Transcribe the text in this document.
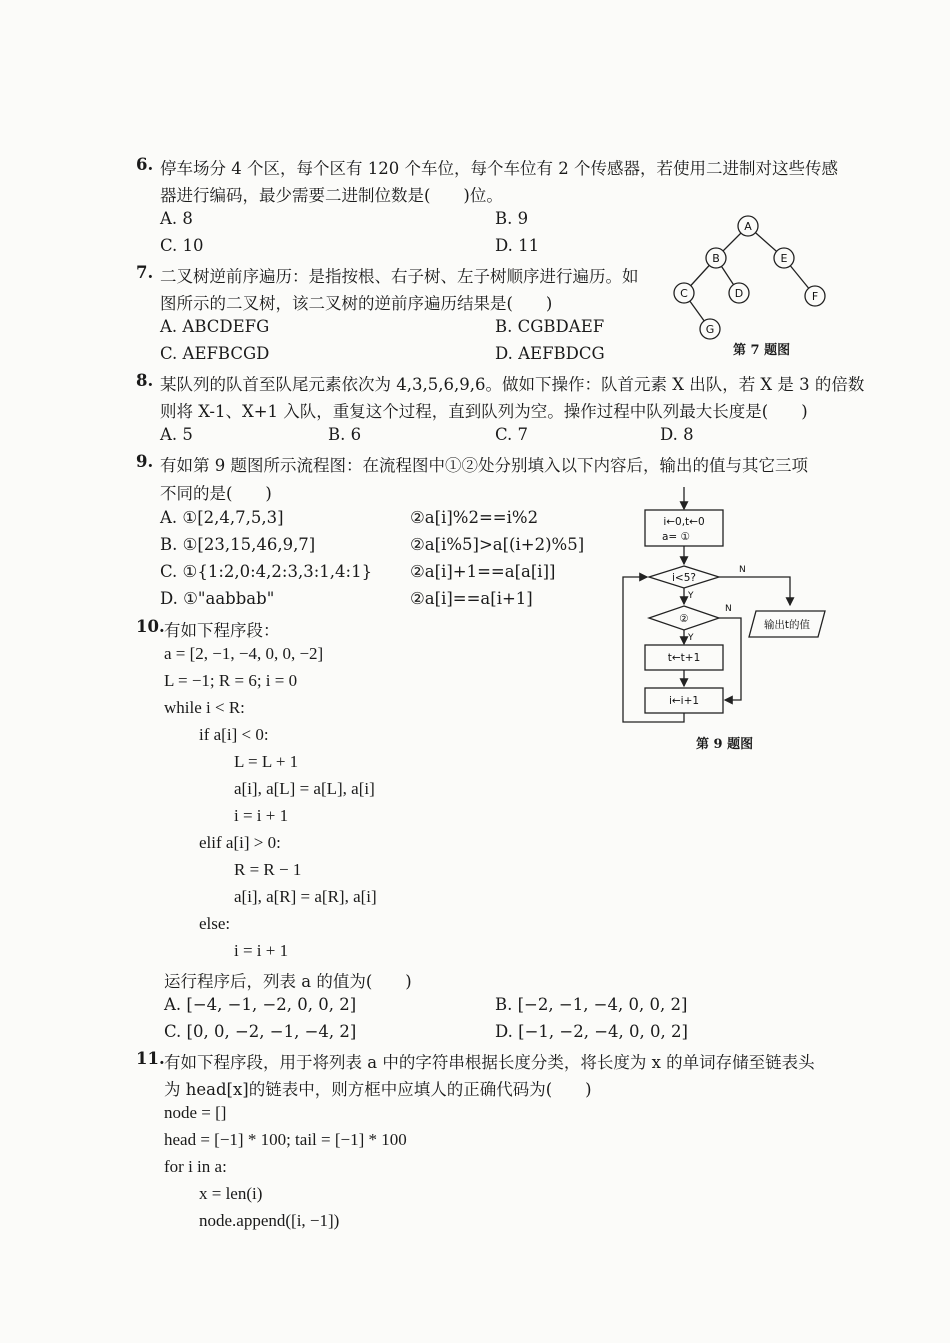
6. 停车场分 4 个区，每个区有 120 个车位，每个车位有 2 个传感器，若使用二进制对这些传感
器进行编码，最少需要二进制位数是(　　)位。
A. 8	B. 9
C. 10	D. 11
7. 二叉树逆前序遍历：是指按根、右子树、左子树顺序进行遍历。如
图所示的二叉树，该二叉树的逆前序遍历结果是(　　)
A. ABCDEFG	B. CGBDAEF
C. AEFBCGD	D. AEFBDCG
A
B	E
C	D	F
G
第 7 题图
8. 某队列的队首至队尾元素依次为 4,3,5,6,9,6。做如下操作：队首元素 X 出队，若 X 是 3 的倍数
则将 X-1、X+1 入队，重复这个过程，直到队列为空。操作过程中队列最大长度是(　　)
A. 5	B. 6	C. 7	D. 8
9. 有如第 9 题图所示流程图：在流程图中①②处分别填入以下内容后，输出的值与其它三项
不同的是(　　)
A. ①[2,4,7,5,3]	②a[i]%2==i%2
B. ①[23,15,46,9,7]	②a[i%5]>a[(i+2)%5]
C. ①{1:2,0:4,2:3,3:1,4:1} ②a[i]+1==a[a[i]]
D. ①"aabbab"	②a[i]==a[i+1]
i←0,t←0
a= ①
i<5?
②	输出t的值
t←t+1
i←i+1
Y
Y
N
N
第 9 题图
10. 有如下程序段：
a = [2, −1, −4, 0, 0, −2]
L = −1; R = 6; i = 0
while i < R:
if a[i] < 0:
L = L + 1
a[i], a[L] = a[L], a[i]
i = i + 1
elif a[i] > 0:
R = R − 1
a[i], a[R] = a[R], a[i]
else:
i = i + 1
运行程序后，列表 a 的值为(　　)
A. [−4, −1, −2, 0, 0, 2]	B. [−2, −1, −4, 0, 0, 2]
C. [0, 0, −2, −1, −4, 2]	D. [−1, −2, −4, 0, 0, 2]
11. 有如下程序段，用于将列表 a 中的字符串根据长度分类，将长度为 x 的单词存储至链表头
为 head[x]的链表中，则方框中应填人的正确代码为(　　)
node = []
head = [−1] * 100; tail = [−1] * 100
for i in a:
x = len(i)
node.append([i, −1])
